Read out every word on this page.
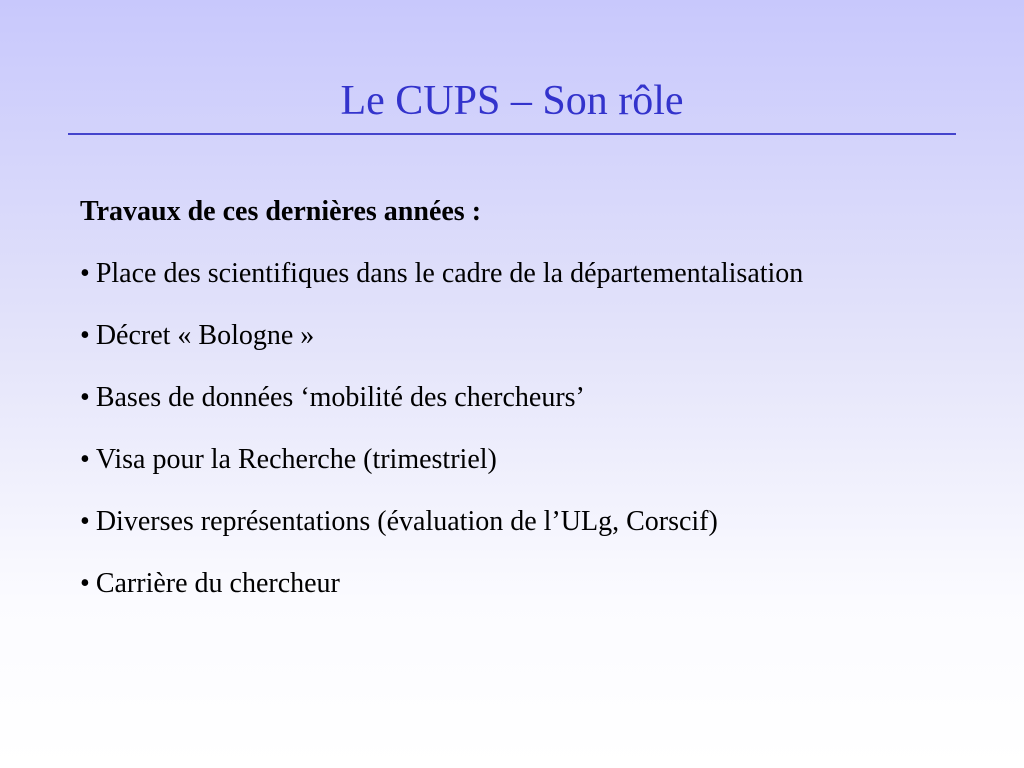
Le CUPS – Son rôle

Travaux de ces dernières années :

• Place des scientifiques dans le cadre de la départementalisation
• Décret « Bologne »
• Bases de données ‘mobilité des chercheurs’
• Visa pour la Recherche (trimestriel)
• Diverses représentations (évaluation de l’ULg, Corscif)
• Carrière du chercheur
